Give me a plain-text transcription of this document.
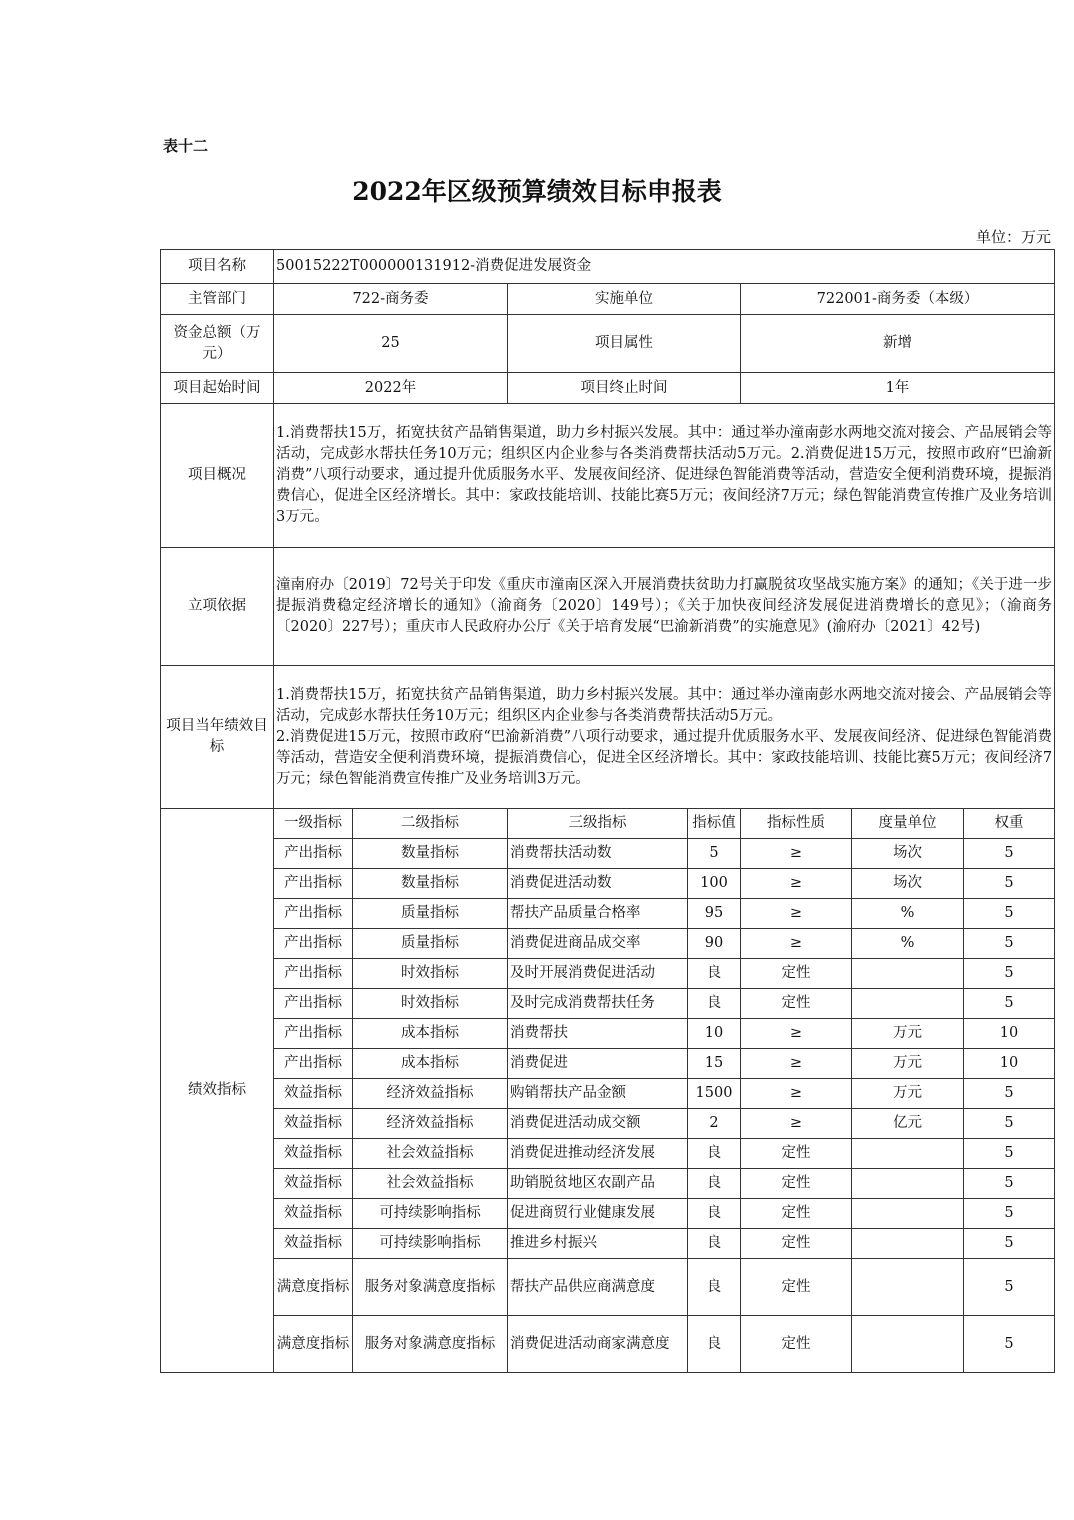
表十二
2022年区级预算绩效目标申报表
单位：万元
项目名称	50015222T000000131912-消费促进发展资金						
主管部门	722-商务委		实施单位		722001-商务委（本级）		
资金总额（万元）	25		项目属性		新增		
项目起始时间	2022年		项目终止时间		1年		
项目概况	1.消费帮扶15万，拓宽扶贫产品销售渠道，助力乡村振兴发展。其中：通过举办潼南彭水两地交流对接会、产品展销会等活动，完成彭水帮扶任务10万元；组织区内企业参与各类消费帮扶活动5万元。2.消费促进15万元，按照市政府“巴渝新消费”八项行动要求，通过提升优质服务水平、发展夜间经济、促进绿色智能消费等活动，营造安全便利消费环境，提振消费信心，促进全区经济增长。其中：家政技能培训、技能比赛5万元；夜间经济7万元；绿色智能消费宣传推广及业务培训3万元。						
立项依据	潼南府办〔2019〕72号关于印发《重庆市潼南区深入开展消费扶贫助力打赢脱贫攻坚战实施方案》的通知；《关于进一步提振消费稳定经济增长的通知》（渝商务〔2020〕149号）；《关于加快夜间经济发展促进消费增长的意见》；（渝商务〔2020〕227号）；重庆市人民政府办公厅《关于培育发展“巴渝新消费”的实施意见》(渝府办〔2021〕42号)						
项目当年绩效目标	1.消费帮扶15万，拓宽扶贫产品销售渠道，助力乡村振兴发展。其中：通过举办潼南彭水两地交流对接会、产品展销会等活动，完成彭水帮扶任务10万元；组织区内企业参与各类消费帮扶活动5万元。
2.消费促进15万元，按照市政府“巴渝新消费”八项行动要求，通过提升优质服务水平、发展夜间经济、促进绿色智能消费等活动，营造安全便利消费环境，提振消费信心，促进全区经济增长。其中：家政技能培训、技能比赛5万元；夜间经济7万元；绿色智能消费宣传推广及业务培训3万元。						

绩效指标	一级指标	二级指标	三级指标	指标值	指标性质	度量单位	权重
	产出指标	数量指标	消费帮扶活动数	5	≥	场次	5
	产出指标	数量指标	消费促进活动数	100	≥	场次	5
	产出指标	质量指标	帮扶产品质量合格率	95	≥	%	5
	产出指标	质量指标	消费促进商品成交率	90	≥	%	5
	产出指标	时效指标	及时开展消费促进活动	良	定性		5
	产出指标	时效指标	及时完成消费帮扶任务	良	定性		5
	产出指标	成本指标	消费帮扶	10	≥	万元	10
	产出指标	成本指标	消费促进	15	≥	万元	10
	效益指标	经济效益指标	购销帮扶产品金额	1500	≥	万元	5
	效益指标	经济效益指标	消费促进活动成交额	2	≥	亿元	5
	效益指标	社会效益指标	消费促进推动经济发展	良	定性		5
	效益指标	社会效益指标	助销脱贫地区农副产品	良	定性		5
	效益指标	可持续影响指标	促进商贸行业健康发展	良	定性		5
	效益指标	可持续影响指标	推进乡村振兴	良	定性		5
	满意度指标	服务对象满意度指标	帮扶产品供应商满意度	良	定性		5
	满意度指标	服务对象满意度指标	消费促进活动商家满意度	良	定性		5
